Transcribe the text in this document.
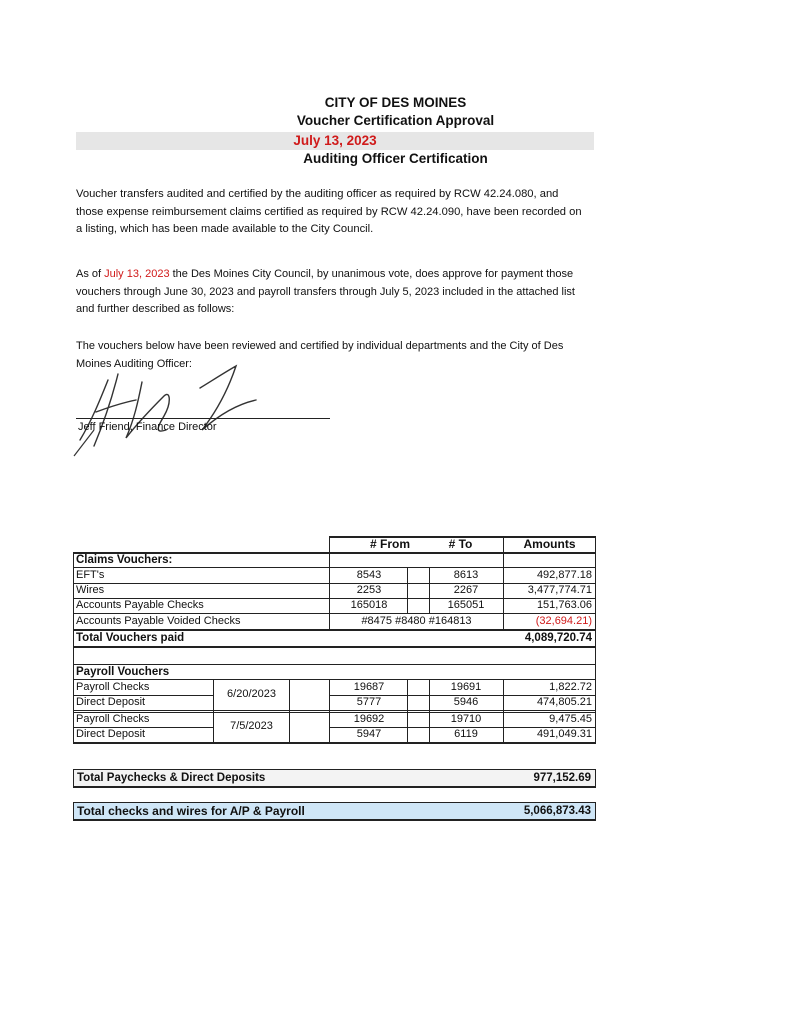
CITY OF DES MOINES
Voucher Certification Approval
July 13, 2023
Auditing Officer Certification
Voucher transfers audited and certified by the auditing officer as required by RCW 42.24.080, and those expense reimbursement claims certified as required by RCW 42.24.090, have been recorded on a listing, which has been made available to the City Council.
As of July 13, 2023 the Des Moines City Council, by unanimous vote, does approve for payment those vouchers through June 30, 2023 and payroll transfers through July 5, 2023 included in the attached list and further described as follows:
The vouchers below have been reviewed and certified by individual departments and the City of Des Moines Auditing Officer:
Jeff Friend, Finance Director
# From	# To	Amounts
Claims Vouchers:
EFT's	8543	8613	492,877.18
Wires	2253	2267	3,477,774.71
Accounts Payable Checks	165018	165051	151,763.06
Accounts Payable Voided Checks	#8475 #8480 #164813	(32,694.21)
Total Vouchers paid	4,089,720.74
Payroll Vouchers
6/20/2023
Payroll Checks	19687	19691	1,822.72
Direct Deposit	5777	5946	474,805.21
7/5/2023
Payroll Checks	19692	19710	9,475.45
Direct Deposit	5947	6119	491,049.31
Total Paychecks & Direct Deposits	977,152.69
Total checks and wires for A/P & Payroll	5,066,873.43
